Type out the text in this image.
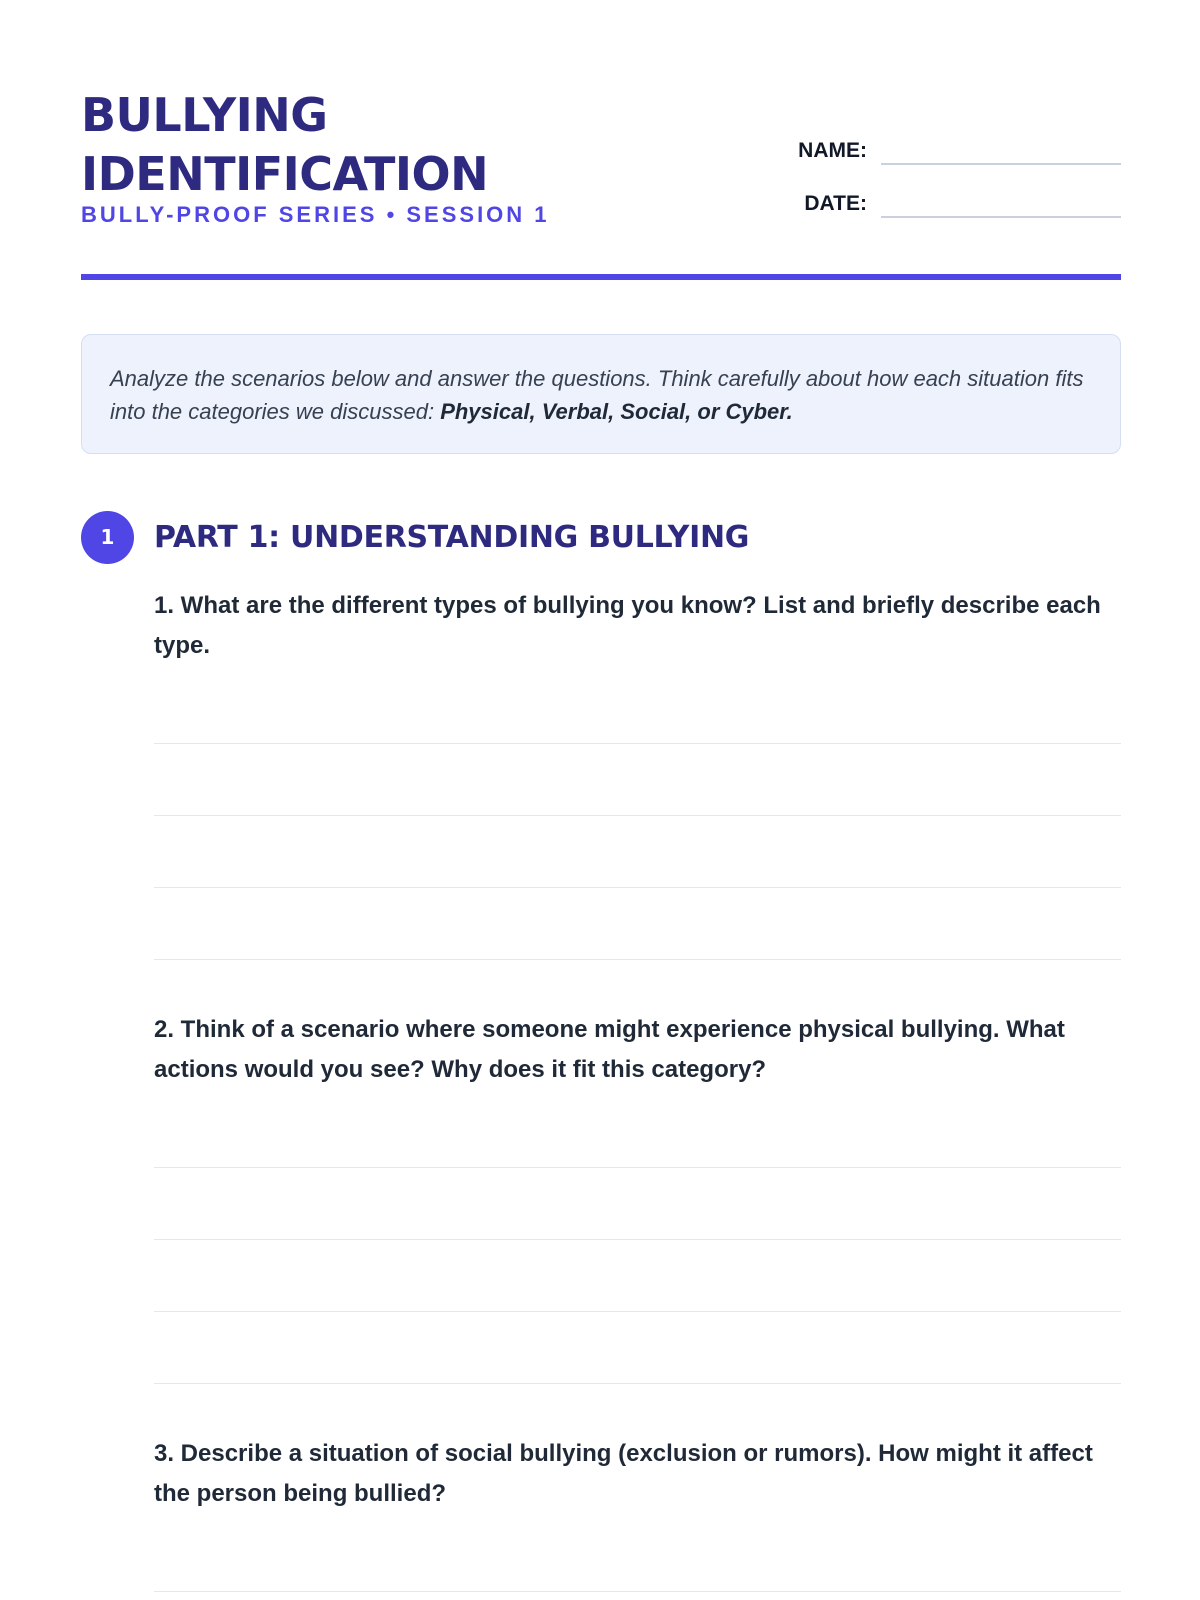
BULLYING
IDENTIFICATION
BULLY-PROOF SERIES • SESSION 1
NAME:
DATE:
Analyze the scenarios below and answer the questions. Think carefully about how each situation fits into the categories we discussed: Physical, Verbal, Social, or Cyber.
1	PART 1: UNDERSTANDING BULLYING

1. What are the different types of bullying you know? List and briefly describe each type.

2. Think of a scenario where someone might experience physical bullying. What actions would you see? Why does it fit this category?

3. Describe a situation of social bullying (exclusion or rumors). How might it affect the person being bullied?
